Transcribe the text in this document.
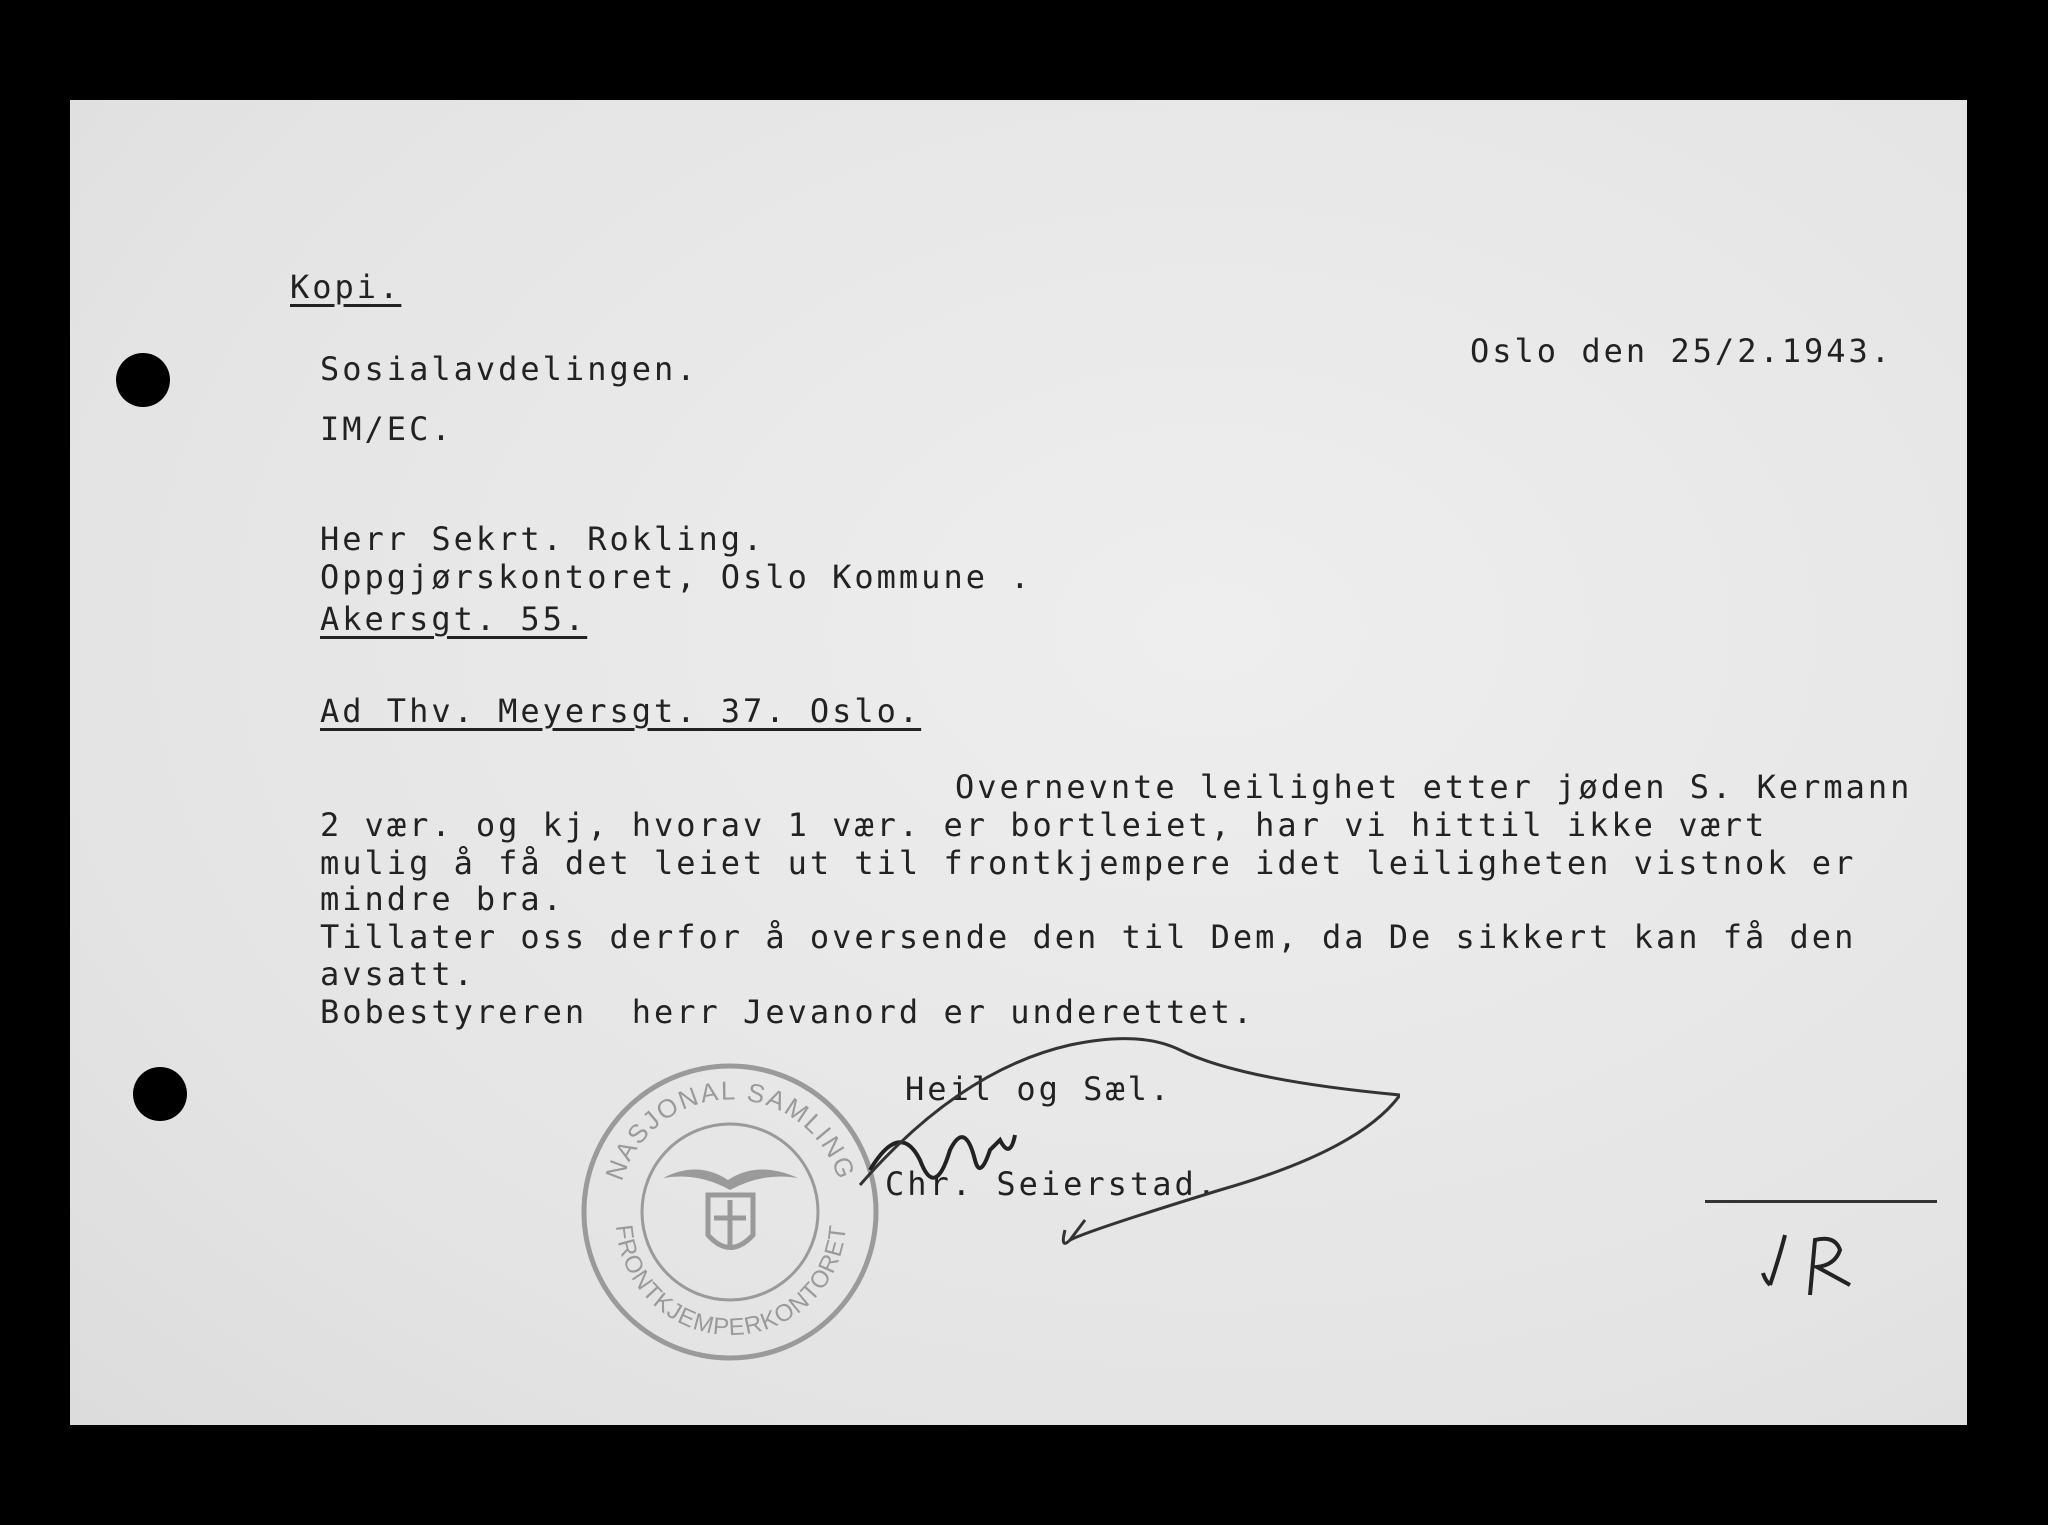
Kopi.
Sosialavdelingen.
IM/EC.
Oslo den 25/2.1943.
Herr Sekrt. Rokling.
Oppgjørskontoret, Oslo Kommune .
Akersgt. 55.
Ad Thv. Meyersgt. 37. Oslo.
Overnevnte leilighet etter jøden S. Kermann
2 vær. og kj, hvorav 1 vær. er bortleiet, har vi hittil ikke vært
mulig å få det leiet ut til frontkjempere idet leiligheten vistnok er
mindre bra.
Tillater oss derfor å oversende den til Dem, da De sikkert kan få den
avsatt.
Bobestyreren  herr Jevanord er underettet.
Heil og Sæl.
Chr. Seierstad.
NASJONAL SAMLING
FRONTKJEMPERKONTORET
